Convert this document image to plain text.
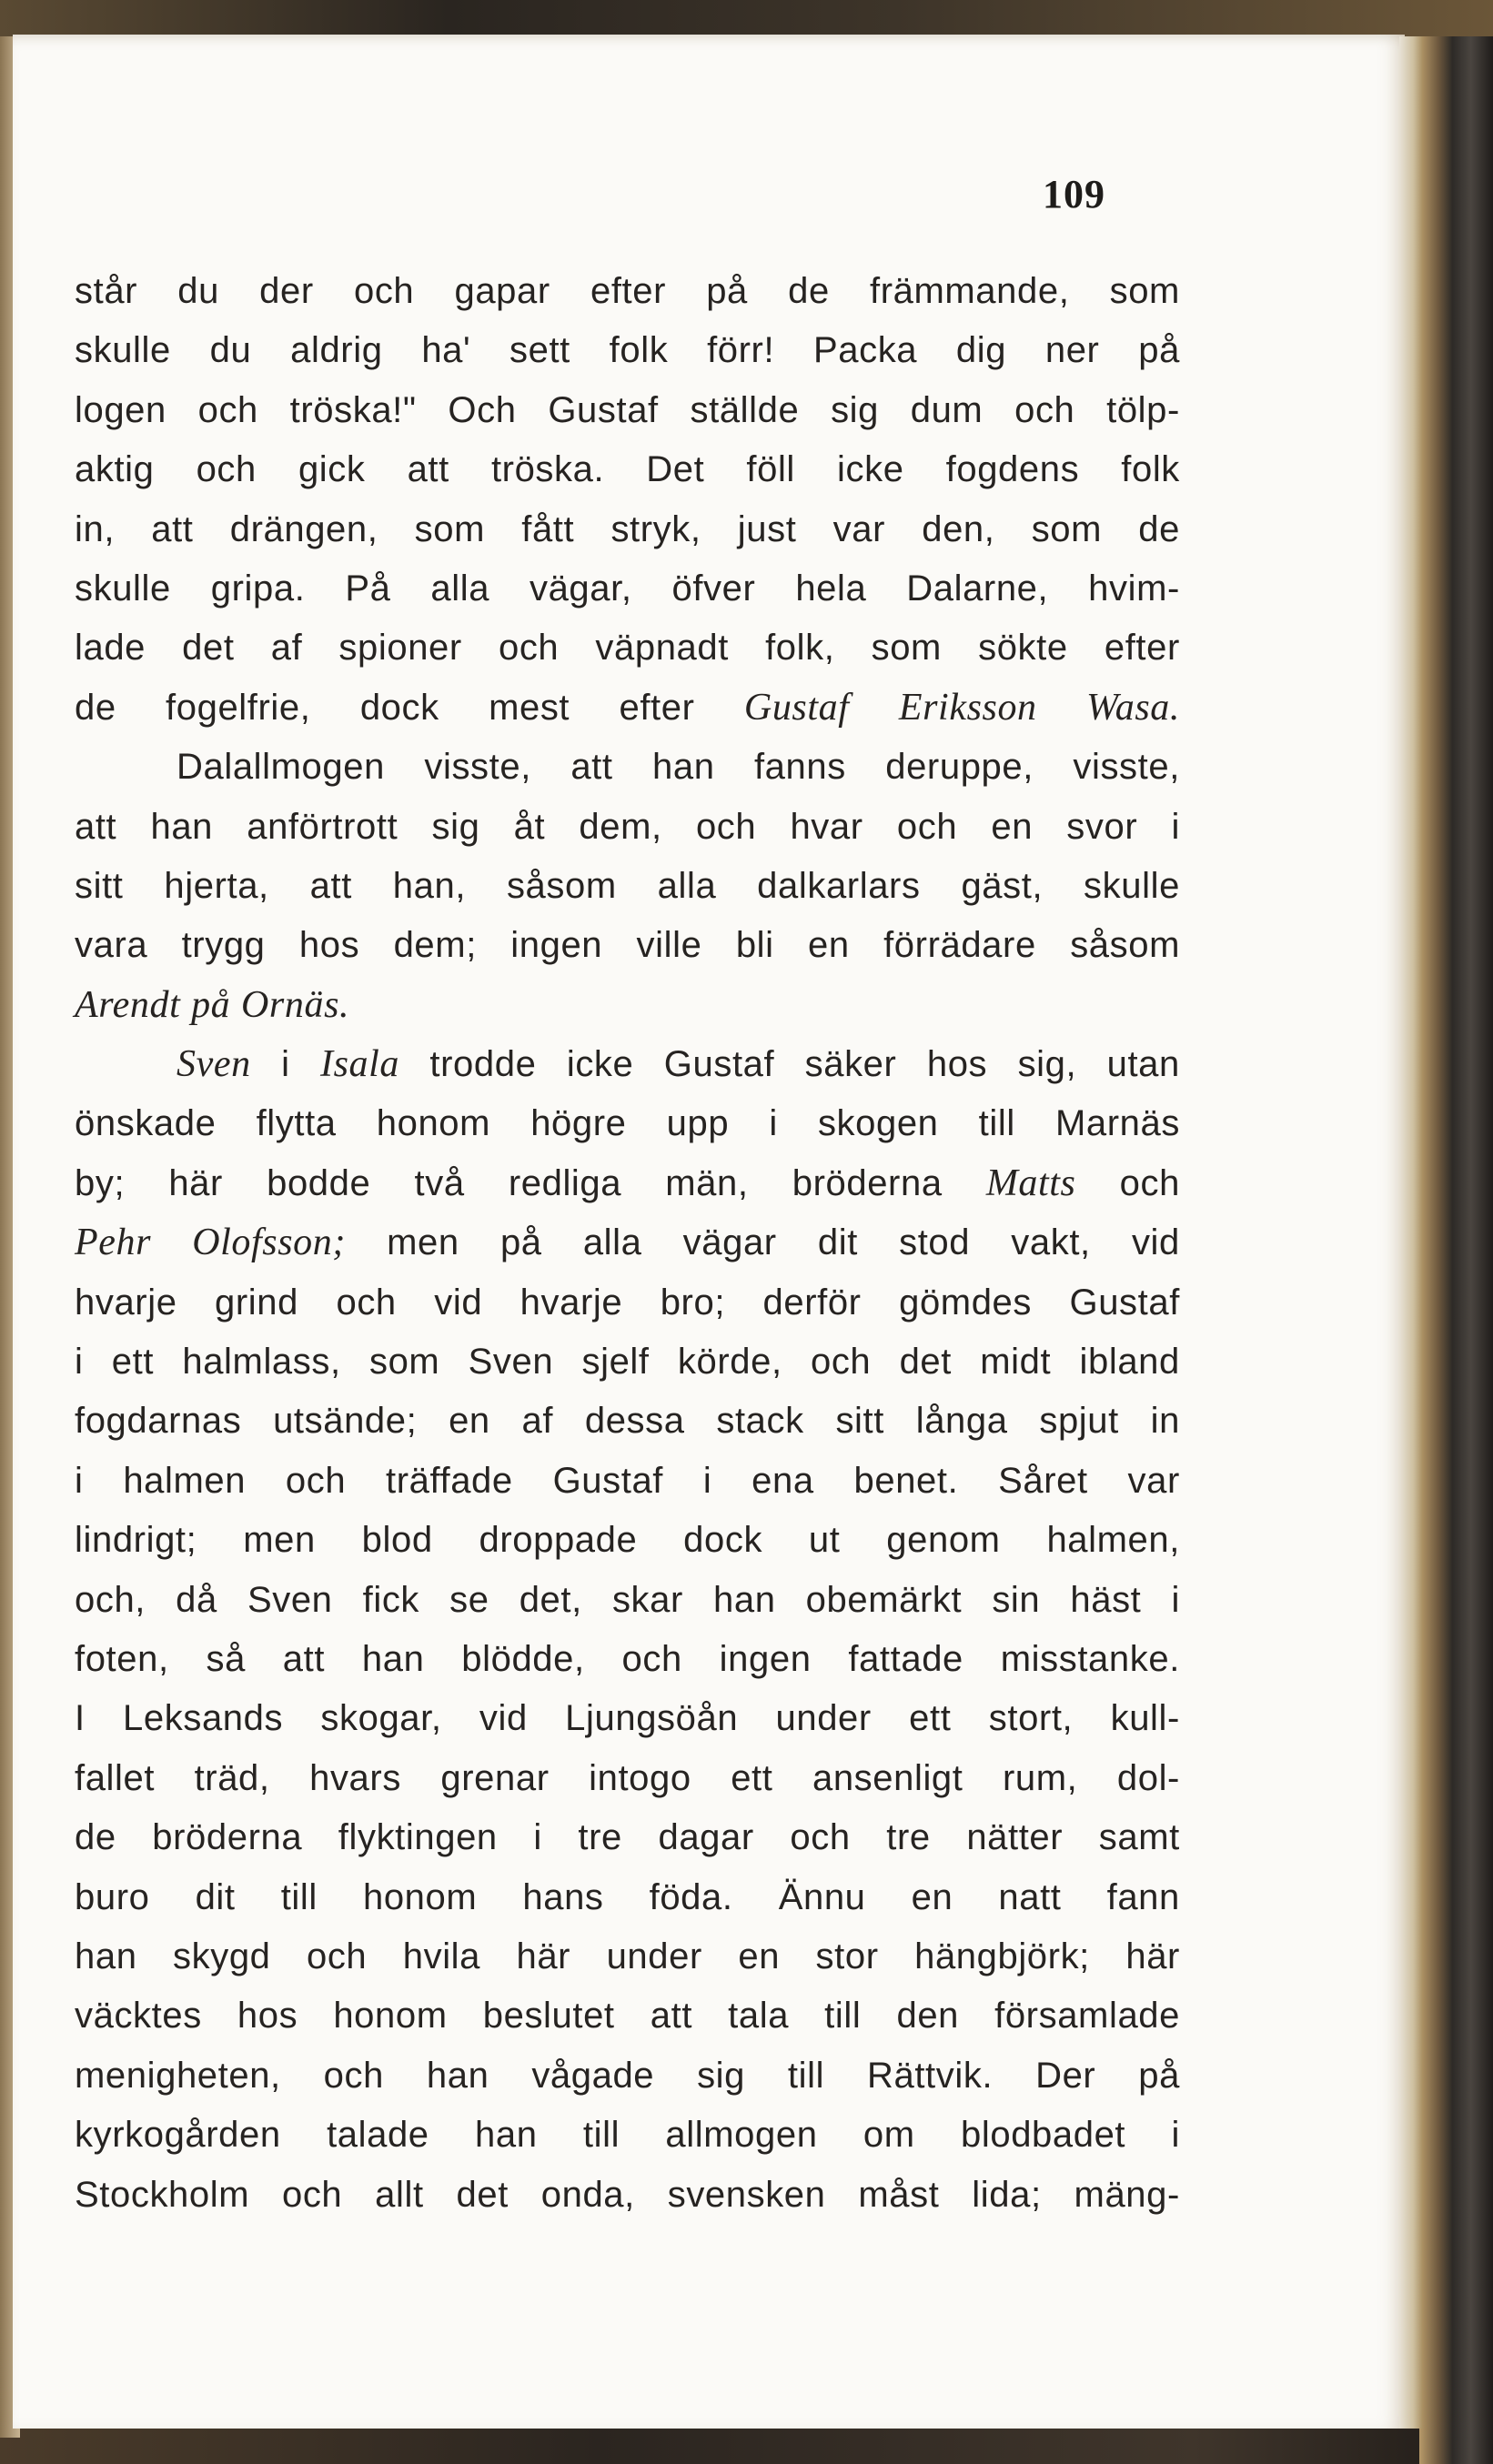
109
står du der och gapar efter på de främmande, som
skulle du aldrig ha' sett folk förr! Packa dig ner på
logen och tröska!" Och Gustaf ställde sig dum och tölp-
aktig och gick att tröska. Det föll icke fogdens folk
in, att drängen, som fått stryk, just var den, som de
skulle gripa. På alla vägar, öfver hela Dalarne, hvim-
lade det af spioner och väpnadt folk, som sökte efter
de fogelfrie, dock mest efter Gustaf Eriksson Wasa.
Dalallmogen visste, att han fanns deruppe, visste,
att han anförtrott sig åt dem, och hvar och en svor i
sitt hjerta, att han, såsom alla dalkarlars gäst, skulle
vara trygg hos dem; ingen ville bli en förrädare såsom
Arendt
på
Ornäs.

Sven i Isala trodde icke Gustaf säker hos sig, utan
önskade flytta honom högre upp i skogen till Marnäs
by; här bodde två redliga män, bröderna Matts och
Pehr Olofsson; men på alla vägar dit stod vakt, vid
hvarje grind och vid hvarje bro; derför gömdes Gustaf
i ett halmlass, som Sven sjelf körde, och det midt ibland
fogdarnas utsände; en af dessa stack sitt långa spjut in
i halmen och träffade Gustaf i ena benet. Såret var
lindrigt; men blod droppade dock ut genom halmen,
och, då Sven fick se det, skar han obemärkt sin häst i
foten, så att han blödde, och ingen fattade misstanke.
I Leksands skogar, vid Ljungsöån under ett stort, kull-
fallet träd, hvars grenar intogo ett ansenligt rum, dol-
de bröderna flyktingen i tre dagar och tre nätter samt
buro dit till honom hans föda. Ännu en natt fann
han skygd och hvila här under en stor hängbjörk; här
väcktes hos honom beslutet att tala till den församlade
menigheten, och han vågade sig till Rättvik. Der på
kyrkogården talade han till allmogen om blodbadet i
Stockholm och allt det onda, svensken måst lida; mäng-
